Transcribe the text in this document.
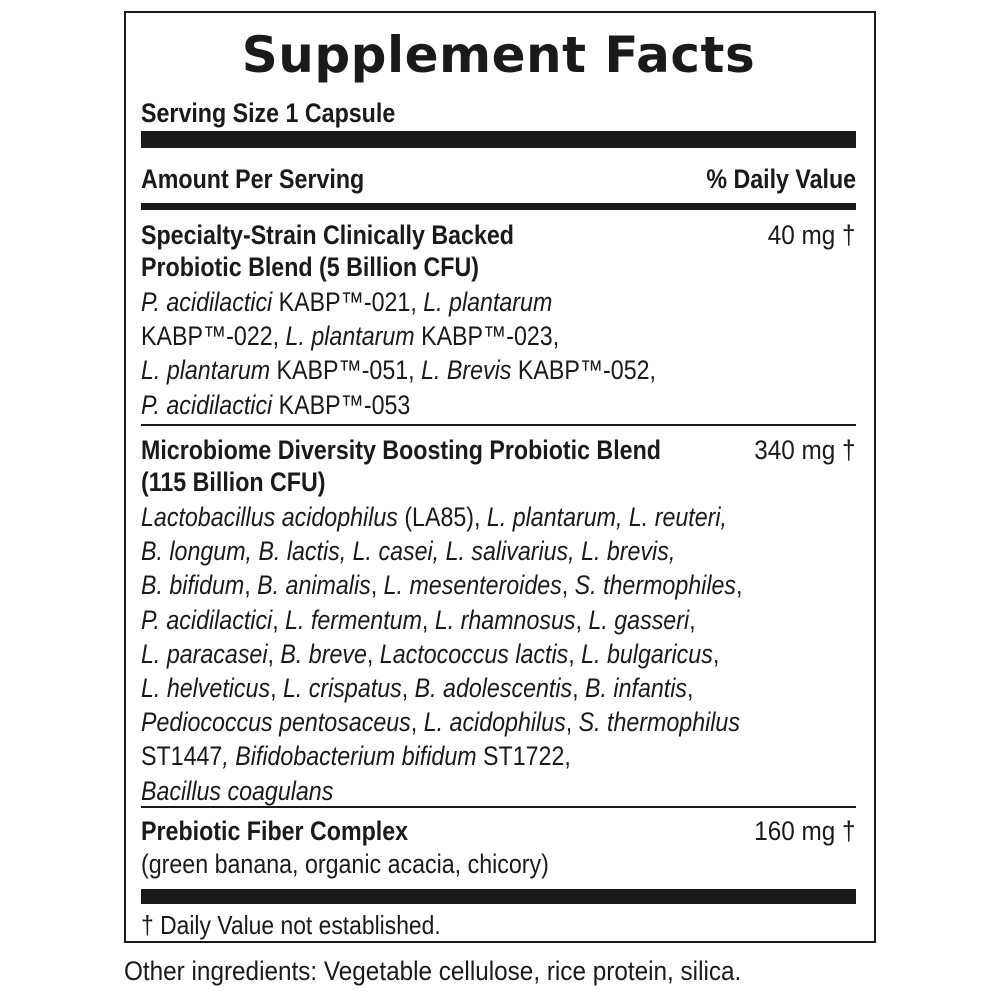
Supplement Facts
Serving Size 1 Capsule
Amount Per Serving	% Daily Value
Specialty-Strain Clinically Backed
Probiotic Blend (5 Billion CFU)
40 mg †
P. acidilactici KABP™-021, L. plantarum
KABP™-022, L. plantarum KABP™-023,
L. plantarum KABP™-051, L. Brevis KABP™-052,
P. acidilactici KABP™-053
Microbiome Diversity Boosting Probiotic Blend
(115 Billion CFU)
340 mg †
Lactobacillus acidophilus (LA85), L. plantarum, L. reuteri,
B. longum, B. lactis, L. casei, L. salivarius, L. brevis,
B. bifidum, B. animalis, L. mesenteroides, S. thermophiles,
P. acidilactici, L. fermentum, L. rhamnosus, L. gasseri,
L. paracasei, B. breve, Lactococcus lactis, L. bulgaricus,
L. helveticus, L. crispatus, B. adolescentis, B. infantis,
Pediococcus pentosaceus, L. acidophilus, S. thermophilus
ST1447, Bifidobacterium bifidum ST1722,
Bacillus coagulans
Prebiotic Fiber Complex	160 mg †
(green banana, organic acacia, chicory)
† Daily Value not established.
Other ingredients: Vegetable cellulose, rice protein, silica.
